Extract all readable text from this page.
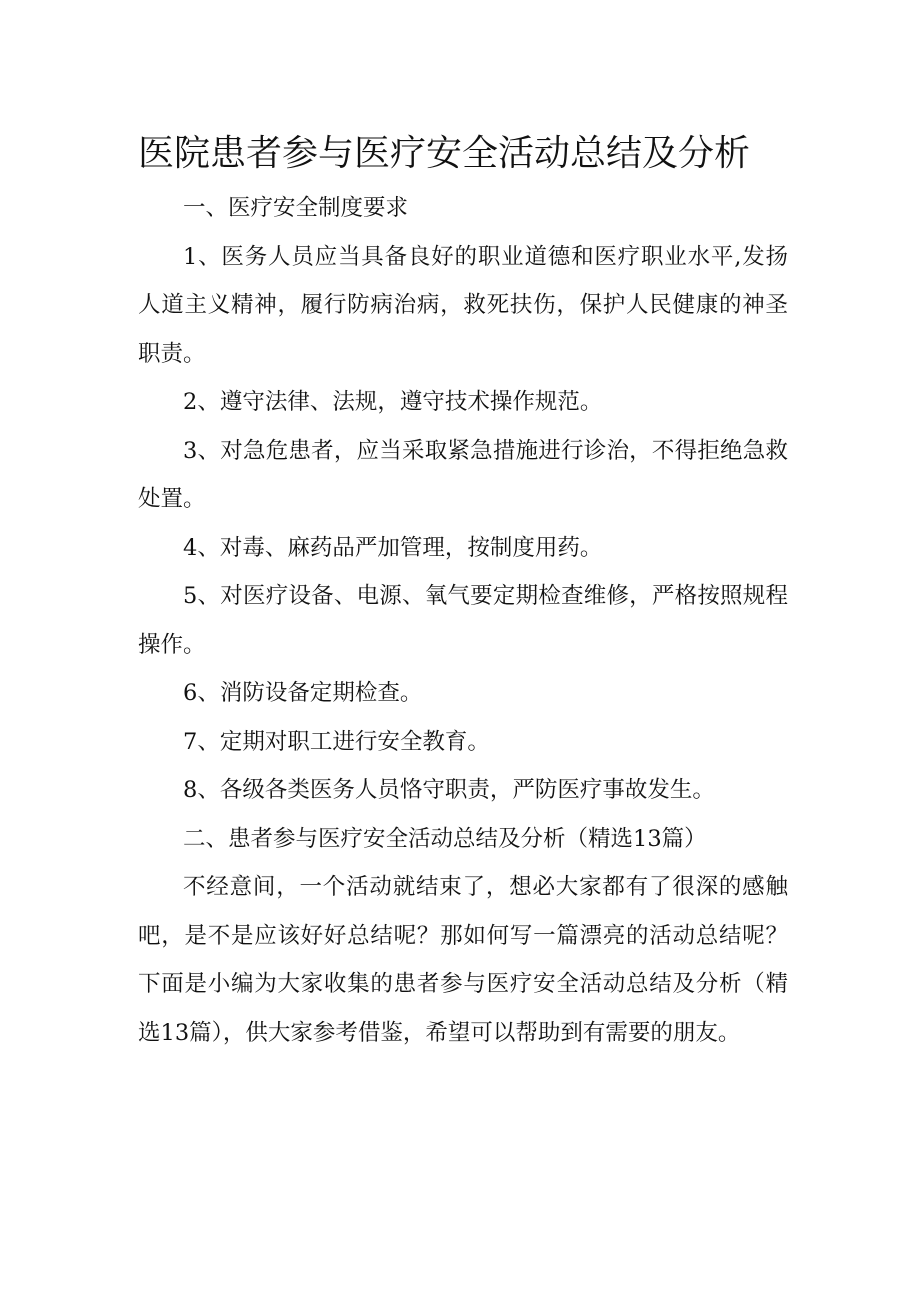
医院患者参与医疗安全活动总结及分析

一、医疗安全制度要求

1、医务人员应当具备良好的职业道德和医疗职业水平,发扬人道主义精神，履行防病治病，救死扶伤，保护人民健康的神圣职责。

2、遵守法律、法规，遵守技术操作规范。

3、对急危患者，应当采取紧急措施进行诊治，不得拒绝急救处置。

4、对毒、麻药品严加管理，按制度用药。

5、对医疗设备、电源、氧气要定期检查维修，严格按照规程操作。

6、消防设备定期检查。

7、定期对职工进行安全教育。

8、各级各类医务人员恪守职责，严防医疗事故发生。

二、患者参与医疗安全活动总结及分析（精选13篇）

不经意间，一个活动就结束了，想必大家都有了很深的感触吧，是不是应该好好总结呢？那如何写一篇漂亮的活动总结呢？下面是小编为大家收集的患者参与医疗安全活动总结及分析（精选13篇），供大家参考借鉴，希望可以帮助到有需要的朋友。
